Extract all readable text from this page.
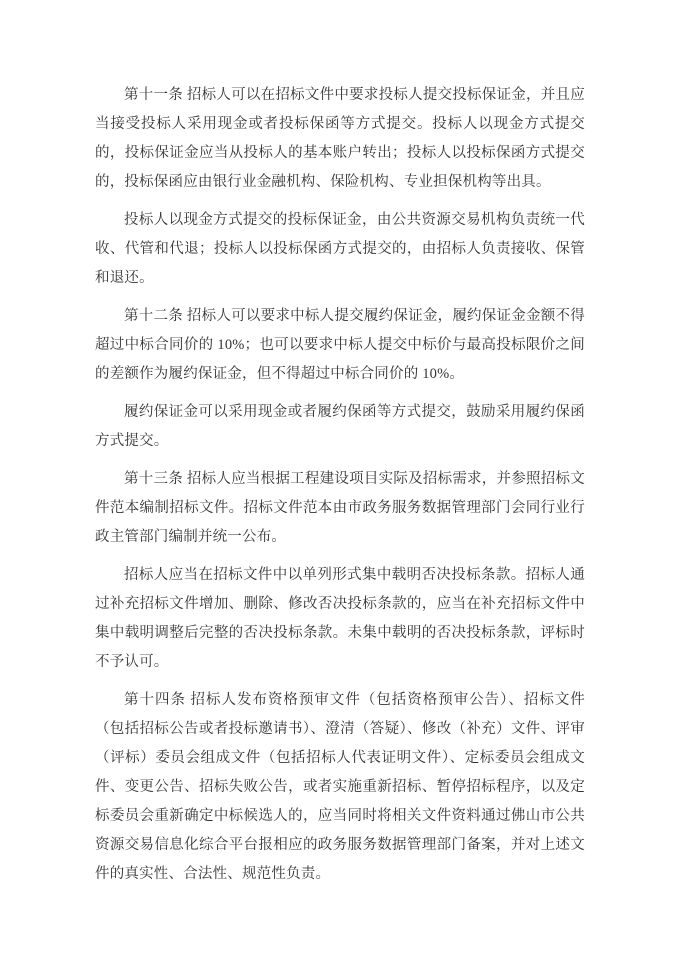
第十一条 招标人可以在招标文件中要求投标人提交投标保证金，并且应当接受投标人采用现金或者投标保函等方式提交。投标人以现金方式提交的，投标保证金应当从投标人的基本账户转出；投标人以投标保函方式提交的，投标保函应由银行业金融机构、保险机构、专业担保机构等出具。

投标人以现金方式提交的投标保证金，由公共资源交易机构负责统一代收、代管和代退；投标人以投标保函方式提交的，由招标人负责接收、保管和退还。

第十二条 招标人可以要求中标人提交履约保证金，履约保证金金额不得超过中标合同价的 10%；也可以要求中标人提交中标价与最高投标限价之间的差额作为履约保证金，但不得超过中标合同价的 10%。

履约保证金可以采用现金或者履约保函等方式提交，鼓励采用履约保函方式提交。

第十三条 招标人应当根据工程建设项目实际及招标需求，并参照招标文件范本编制招标文件。招标文件范本由市政务服务数据管理部门会同行业行政主管部门编制并统一公布。

招标人应当在招标文件中以单列形式集中载明否决投标条款。招标人通过补充招标文件增加、删除、修改否决投标条款的，应当在补充招标文件中集中载明调整后完整的否决投标条款。未集中载明的否决投标条款，评标时不予认可。

第十四条 招标人发布资格预审文件（包括资格预审公告）、招标文件（包括招标公告或者投标邀请书）、澄清（答疑）、修改（补充）文件、评审（评标）委员会组成文件（包括招标人代表证明文件）、定标委员会组成文件、变更公告、招标失败公告，或者实施重新招标、暂停招标程序，以及定标委员会重新确定中标候选人的，应当同时将相关文件资料通过佛山市公共资源交易信息化综合平台报相应的政务服务数据管理部门备案，并对上述文件的真实性、合法性、规范性负责。
